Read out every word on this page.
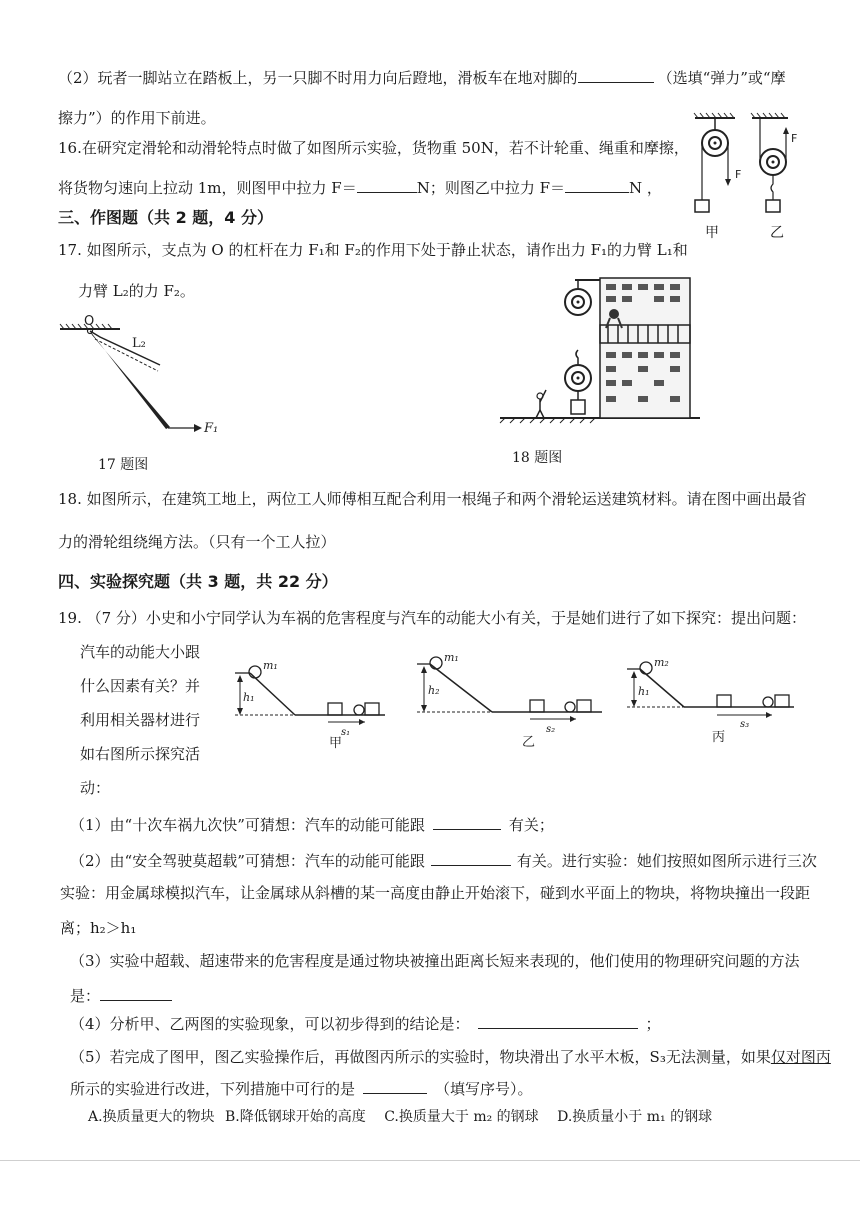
（2）玩者一脚站立在踏板上，另一只脚不时用力向后蹬地，滑板车在地对脚的	（选填“弹力”或“摩
擦力”）的作用下前进。
16.在研究定滑轮和动滑轮特点时做了如图所示实验，货物重 50N，若不计轮重、绳重和摩擦，
将货物匀速向上拉动 1m，则图甲中拉力 F＝	N；则图乙中拉力 F＝	N ，
F
F
甲	乙
三、作图题（共 2 题，4 分）
17. 如图所示，支点为 O 的杠杆在力 F₁和 F₂的作用下处于静止状态，请作出力 F₁的力臂 L₁和
力臂 L₂的力 F₂。
O
L₂
F₁
17 题图	18 题图
18. 如图所示，在建筑工地上，两位工人师傅相互配合利用一根绳子和两个滑轮运送建筑材料。请在图中画出最省
力的滑轮组绕绳方法。（只有一个工人拉）
四、实验探究题（共 3 题，共 22 分）
19. （7 分）小史和小宁同学认为车祸的危害程度与汽车的动能大小有关，于是她们进行了如下探究：提出问题：
汽车的动能大小跟
什么因素有关？并
利用相关器材进行
如右图所示探究活
动：
m₁
h₁
s₁
甲
m₁
h₂
s₂
乙
m₂
h₁
s₃
丙
（1）由“十次车祸九次快”可猜想：汽车的动能可能跟	有关；
（2）由“安全驾驶莫超载”可猜想：汽车的动能可能跟	有关。进行实验：她们按照如图所示进行三次
实验：用金属球模拟汽车，让金属球从斜槽的某一高度由静止开始滚下，碰到水平面上的物块，将物块撞出一段距
离；h₂＞h₁
（3）实验中超载、超速带来的危害程度是通过物块被撞出距离长短来表现的，他们使用的物理研究问题的方法
是：
（4）分析甲、乙两图的实验现象，可以初步得到的结论是：	；
（5）若完成了图甲，图乙实验操作后，再做图丙所示的实验时，物块滑出了水平木板，S₃无法测量，如果仅对图丙
所示的实验进行改进，下列措施中可行的是	（填写序号）。
A.换质量更大的物块 B.降低钢球开始的高度 C.换质量大于 m₂ 的钢球 D.换质量小于 m₁ 的钢球
